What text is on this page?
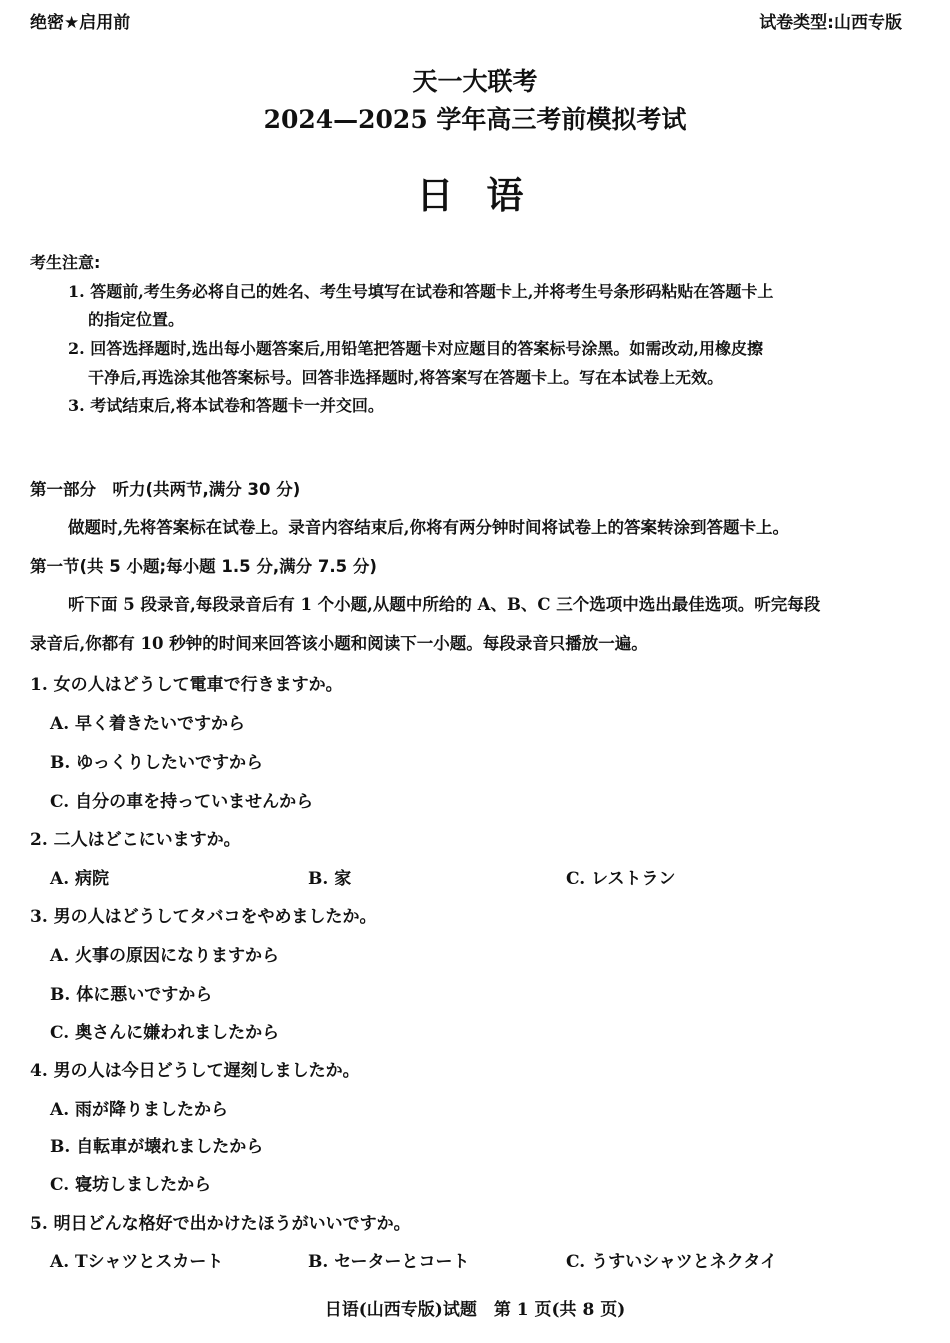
绝密★启用前	试卷类型:山西专版
天一大联考
2024—2025 学年高三考前模拟考试
日 语
考生注意:
1. 答题前,考生务必将自己的姓名、考生号填写在试卷和答题卡上,并将考生号条形码粘贴在答题卡上
的指定位置。
2. 回答选择题时,选出每小题答案后,用铅笔把答题卡对应题目的答案标号涂黑。如需改动,用橡皮擦
干净后,再选涂其他答案标号。回答非选择题时,将答案写在答题卡上。写在本试卷上无效。
3. 考试结束后,将本试卷和答题卡一并交回。
第一部分　听力(共两节,满分 30 分)
做题时,先将答案标在试卷上。录音内容结束后,你将有两分钟时间将试卷上的答案转涂到答题卡上。
第一节(共 5 小题;每小题 1.5 分,满分 7.5 分)
听下面 5 段录音,每段录音后有 1 个小题,从题中所给的 A、B、C 三个选项中选出最佳选项。听完每段
录音后,你都有 10 秒钟的时间来回答该小题和阅读下一小题。每段录音只播放一遍。
1. 女の人はどうして電車で行きますか。
A. 早く着きたいですから
B. ゆっくりしたいですから
C. 自分の車を持っていませんから
2. 二人はどこにいますか。
A. 病院	B. 家	C. レストラン
3. 男の人はどうしてタバコをやめましたか。
A. 火事の原因になりますから
B. 体に悪いですから
C. 奥さんに嫌われましたから
4. 男の人は今日どうして遅刻しましたか。
A. 雨が降りましたから
B. 自転車が壊れましたから
C. 寝坊しましたから
5. 明日どんな格好で出かけたほうがいいですか。
A. Tシャツとスカート	B. セーターとコート	C. うすいシャツとネクタイ
日语(山西专版)试题　第 1 页(共 8 页)
